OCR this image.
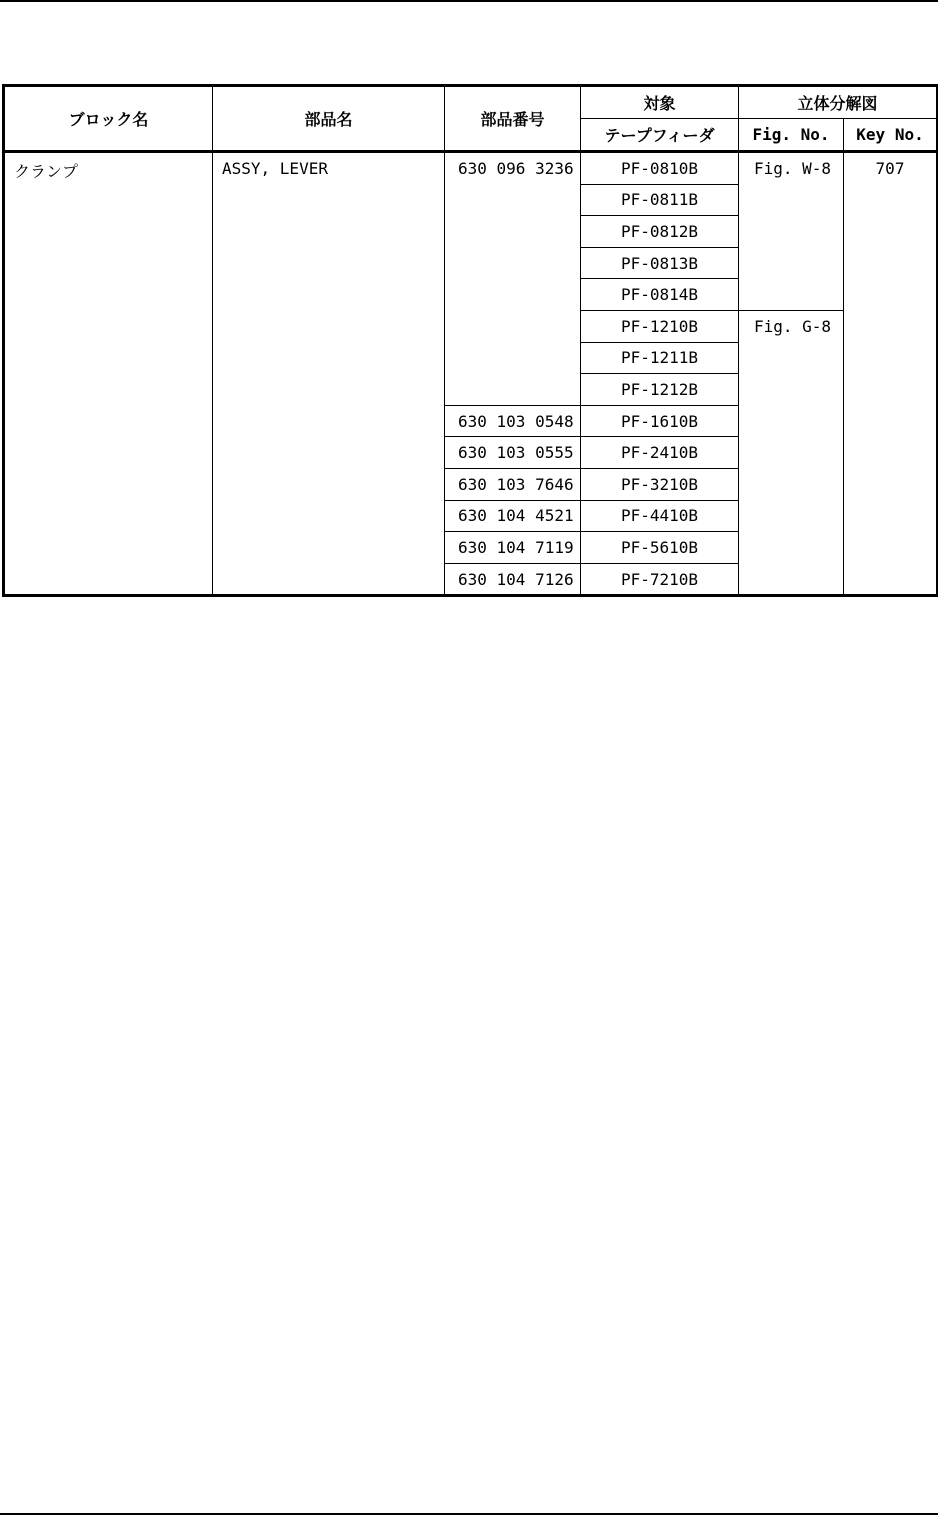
ブロック名	部品名	部品番号	対象	立体分解図	
			テープフィーダ	Fig. No.	Key No.
クランプ	ASSY, LEVER	630 096 3236	PF-0810B	Fig. W-8	707
			PF-0811B		
			PF-0812B		
			PF-0813B		
			PF-0814B		
			PF-1210B	Fig. G-8	
			PF-1211B		
			PF-1212B		
		630 103 0548	PF-1610B		
		630 103 0555	PF-2410B		
		630 103 7646	PF-3210B		
		630 104 4521	PF-4410B		
		630 104 7119	PF-5610B		
		630 104 7126	PF-7210B		
